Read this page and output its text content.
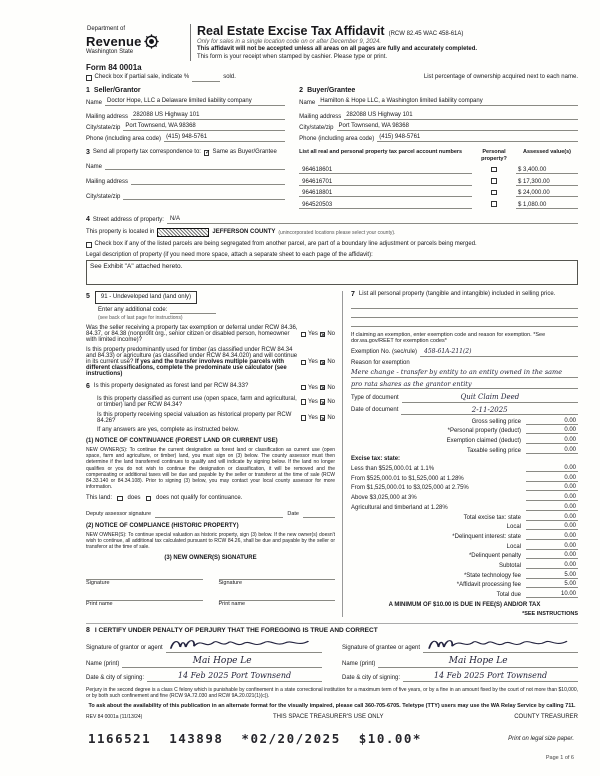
Department of
Revenue
Washington State
Real Estate Excise Tax Affidavit (RCW 82.45 WAC 458-61A)
Only for sales in a single location code on or after December 9, 2024.
This affidavit will not be accepted unless all areas on all pages are fully and accurately completed.
This form is your receipt when stamped by cashier. Please type or print.
Form 84 0001a
Check box if partial sale, indicate %	sold.	List percentage of ownership acquired next to each name.
1 Seller/Grantor
Name Doctor Hope, LLC a Delaware limited liability company
Mailing address 282088 US Highway 101
City/state/zip Port Townsend, WA 98368
Phone (including area code) (415) 948-5761
2 Buyer/Grantee
Name Hamilton & Hope LLC, a Washington limited liability company
Mailing address 282088 US Highway 101
City/state/zip Port Townsend, WA 98368
Phone (including area code) (415) 948-5761
3 Send all property tax correspondence to:
✓ Same as Buyer/Grantee
Name
Mailing address
City/state/zip
List all real and personal property tax parcel account numbers	Personal property?
Assessed value(s)
964618601	$ 3,400.00
964616701	$ 17,300.00
964618801	$ 24,000.00
964520503	$ 1,080.00
4 Street address of property:	N/A
This property is located in	JEFFERSON COUNTY (unincorporated locations please select your county).
Check box if any of the listed parcels are being segregated from another parcel, are part of a boundary line adjustment or parcels being merged.
Legal description of property (if you need more space, attach a separate sheet to each page of the affidavit):
See Exhibit "A" attached hereto.
5	91 - Undeveloped land (land only)
Enter any additional code:
(see back of last page for instructions)
Was the seller receiving a property tax exemption or deferral under RCW 84.36, 84.37, or 84.38 (nonprofit org., senior citizen or disabled person, homeowner with limited income)?
Yes ✕ No
Is this property predominantly used for timber (as classified under RCW 84.34 and 84.33) or agriculture (as classified under RCW 84.34.020) and will continue in its current use? If yes and the transfer involves multiple parcels with different classifications, complete the predominate use calculator (see instructions)
Yes ✕ No
6 Is this property designated as forest land per RCW 84.33?	Yes ✕ No
Is this property classified as current use (open space, farm and agricultural, or timber) land per RCW 84.34?	Yes ✕ No
Is this property receiving special valuation as historical property per RCW 84.26?	Yes ✕ No
If any answers are yes, complete as instructed below.
(1) NOTICE OF CONTINUANCE (FOREST LAND OR CURRENT USE)
NEW OWNER(S): To continue the current designation as forest land or classification as current use (open space, farm and agriculture, or timber) land, you must sign on (3) below. The county assessor must then determine if the land transferred continues to qualify and will indicate by signing below. If the land no longer qualifies or you do not wish to continue the designation or classification, it will be removed and the compensating or additional taxes will be due and payable by the seller or transferor at the time of sale (RCW 84.33.140 or 84.34.108). Prior to signing (3) below, you may contact your local county assessor for more information.
This land:	does	does not qualify for continuance.
Deputy assessor signature	Date
(2) NOTICE OF COMPLIANCE (HISTORIC PROPERTY)
NEW OWNER(S): To continue special valuation as historic property, sign (3) below. If the new owner(s) doesn't wish to continue, all additional tax calculated pursuant to RCW 84.26, shall be due and payable by the seller or transferor at the time of sale.
(3) NEW OWNER(S) SIGNATURE
Signature	Signature
Print name	Print name
7 List all personal property (tangible and intangible) included in selling price.
If claiming an exemption, enter exemption code and reason for exemption. *See dor.wa.gov/REET for exemption codes*
Exemption No. (sec/rule)	458-61A-211(2)
Reason for exemption
Mere change - transfer by entity to an entity owned in the same
pro rata shares as the grantor entity
Type of document	Quit Claim Deed
Date of document	2-11-2025
Gross selling price	0.00
*Personal property (deduct)	0.00
Exemption claimed (deduct)	0.00
Taxable selling price	0.00
Excise tax: state:
Less than $525,000.01 at 1.1%	0.00
From $525,000.01 to $1,525,000 at 1.28%	0.00
From $1,525,000.01 to $3,025,000 at 2.75%	0.00
Above $3,025,000 at 3%	0.00
Agricultural and timberland at 1.28%	0.00
Total excise tax: state	0.00
Local	0.00
*Delinquent interest: state	0.00
Local	0.00
*Delinquent penalty	0.00
Subtotal	0.00
*State technology fee	5.00
*Affidavit processing fee	5.00
Total due	10.00
A MINIMUM OF $10.00 IS DUE IN FEE(S) AND/OR TAX
*SEE INSTRUCTIONS
8 I CERTIFY UNDER PENALTY OF PERJURY THAT THE FOREGOING IS TRUE AND CORRECT
Signature of grantor or agent
Name (print)	Mai Hope Le
Date & city of signing:	14 Feb 2025 Port Townsend
Signature of grantee or agent
Name (print)	Mai Hope Le
Date & city of signing:	14 Feb 2025 Port Townsend
Perjury in the second degree is a class C felony which is punishable by confinement in a state correctional institution for a maximum term of five years, or by a fine in an amount fixed by the court of not more than $10,000, or by both such confinement and fine (RCW 9A.72.030 and RCW 9A.20.021(1)(c)).
To ask about the availability of this publication in an alternate format for the visually impaired, please call 360-705-6705. Teletype (TTY) users may use the WA Relay Service by calling 711.
REV 84 0001a (11/13/24)	THIS SPACE TREASURER'S USE ONLY	COUNTY TREASURER
1166521  143898  *02/20/2025  $10.00*	Print on legal size paper.
Page 1 of 6
